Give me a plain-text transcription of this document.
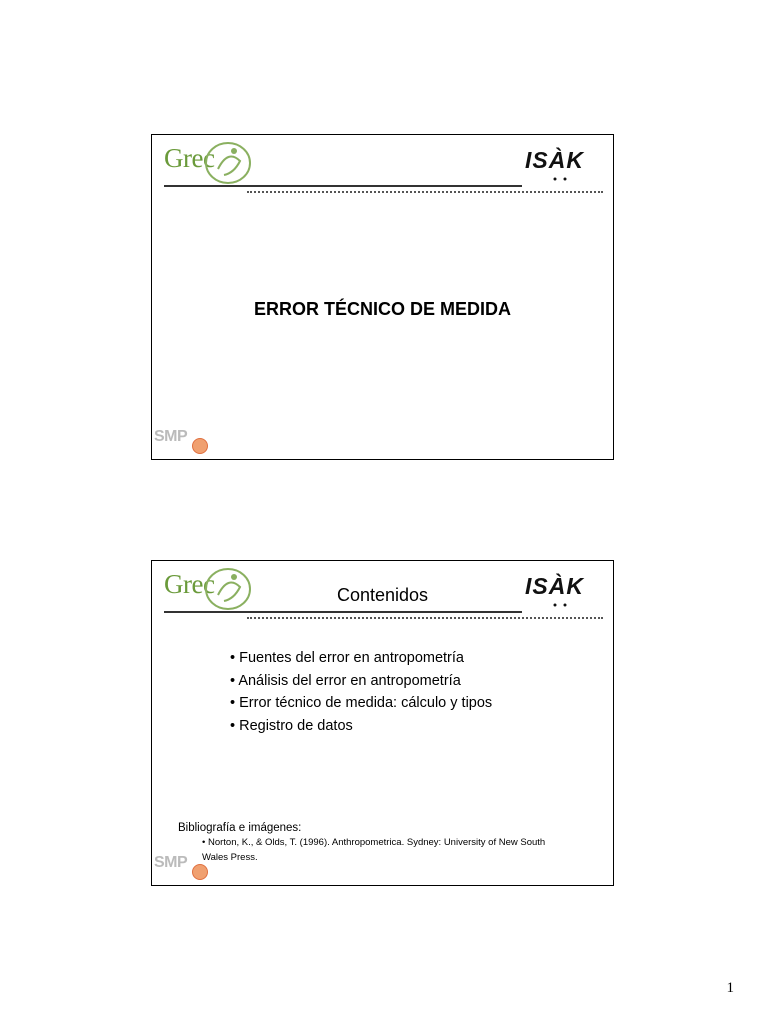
Grec	ISÀK
ERROR TÉCNICO DE MEDIDA
SMP
Grec	Contenidos	ISÀK
• Fuentes del error en antropometría
• Análisis del error en antropometría
• Error técnico de medida: cálculo y tipos
• Registro de datos
Bibliografía e imágenes:
• Norton, K., & Olds, T. (1996). Anthropometrica. Sydney: University of New South Wales Press.
SMP
1
